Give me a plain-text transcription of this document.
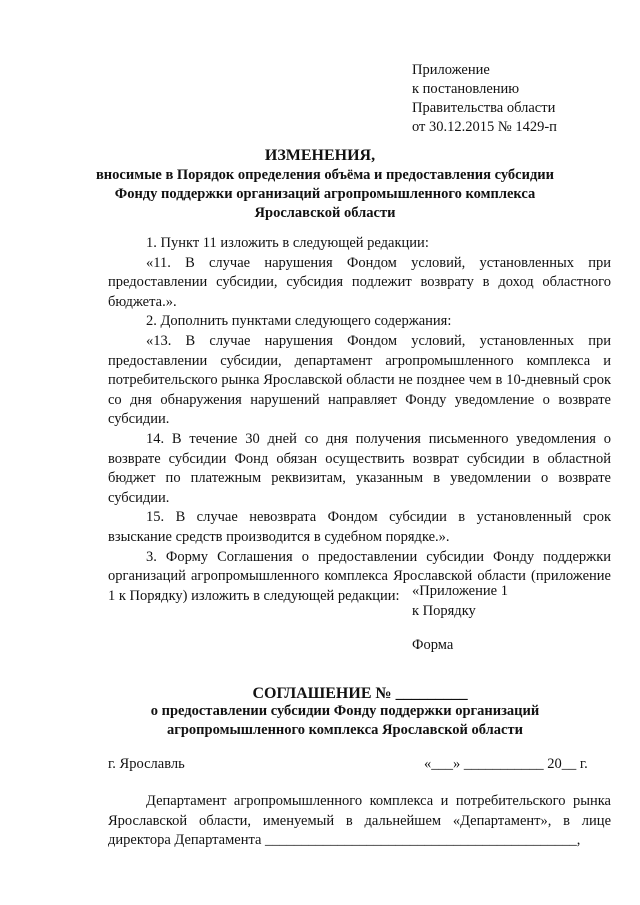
Приложение
к постановлению
Правительства области
от 30.12.2015 № 1429-п
ИЗМЕНЕНИЯ,
вносимые в Порядок определения объёма и предоставления субсидии Фонду поддержки организаций агропромышленного комплекса Ярославской области

1. Пункт 11 изложить в следующей редакции:

«11. В случае нарушения Фондом условий, установленных при предоставлении субсидии, субсидия подлежит возврату в доход областного бюджета.».

2. Дополнить пунктами следующего содержания:

«13. В случае нарушения Фондом условий, установленных при предоставлении субсидии, департамент агропромышленного комплекса и потребительского рынка Ярославской области не позднее чем в 10-дневный срок со дня обнаружения нарушений направляет Фонду уведомление о возврате субсидии.

14. В течение 30 дней со дня получения письменного уведомления о возврате субсидии Фонд обязан осуществить возврат субсидии в областной бюджет по платежным реквизитам, указанным в уведомлении о возврате субсидии.

15. В случае невозврата Фондом субсидии в установленный срок взыскание средств производится в судебном порядке.».

3. Форму Соглашения о предоставлении субсидии Фонду поддержки организаций агропромышленного комплекса Ярославской области (приложение 1 к Порядку) изложить в следующей редакции: «Приложение 1
к Порядку
Форма
СОГЛАШЕНИЕ № _________
о предоставлении субсидии Фонду поддержки организаций агропромышленного комплекса Ярославской области
г. Ярославль	«___» ___________ 20__ г.

Департамент агропромышленного комплекса и потребительского рынка Ярославской области, именуемый в дальнейшем «Департамент», в лице директора Департамента ___________________________________________,
